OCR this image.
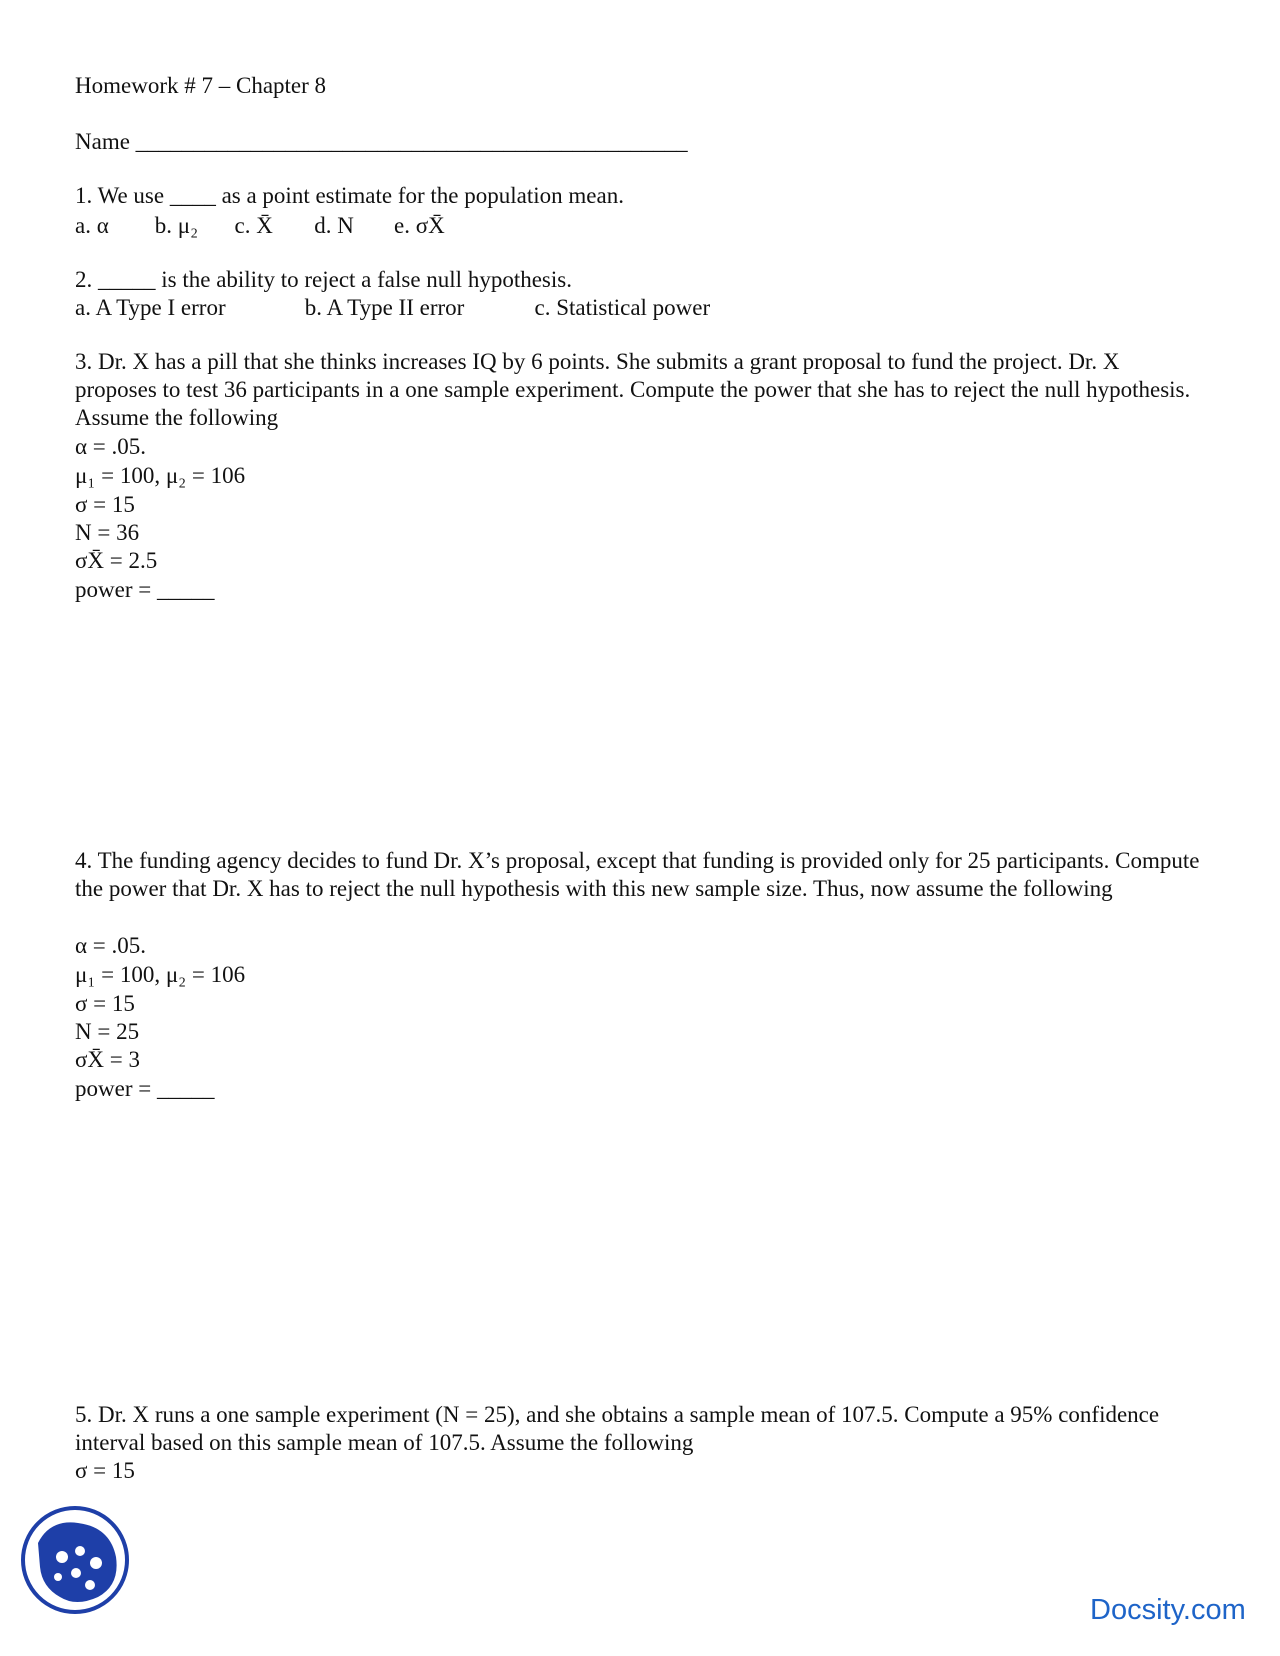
Homework # 7 – Chapter 8
Name ________________________________________________
1. We use ____ as a point estimate for the population mean.
a. α b. μ₂ c. X̄ d. N e. σX̄
2. _____ is the ability to reject a false null hypothesis.
a. A Type I error	b. A Type II error	c. Statistical power
3. Dr. X has a pill that she thinks increases IQ by 6 points. She submits a grant proposal to fund the project. Dr. X proposes to test 36 participants in a one sample experiment. Compute the power that she has to reject the null hypothesis. Assume the following
α = .05.
μ₁ = 100, μ₂ = 106
σ = 15
N = 36
σX̄ = 2.5
power = _____
4. The funding agency decides to fund Dr. X’s proposal, except that funding is provided only for 25 participants. Compute the power that Dr. X has to reject the null hypothesis with this new sample size. Thus, now assume the following
α = .05.
μ₁ = 100, μ₂ = 106
σ = 15
N = 25
σX̄ = 3
power = _____
5. Dr. X runs a one sample experiment (N = 25), and she obtains a sample mean of 107.5. Compute a 95% confidence interval based on this sample mean of 107.5. Assume the following
σ = 15
Docsity.com
